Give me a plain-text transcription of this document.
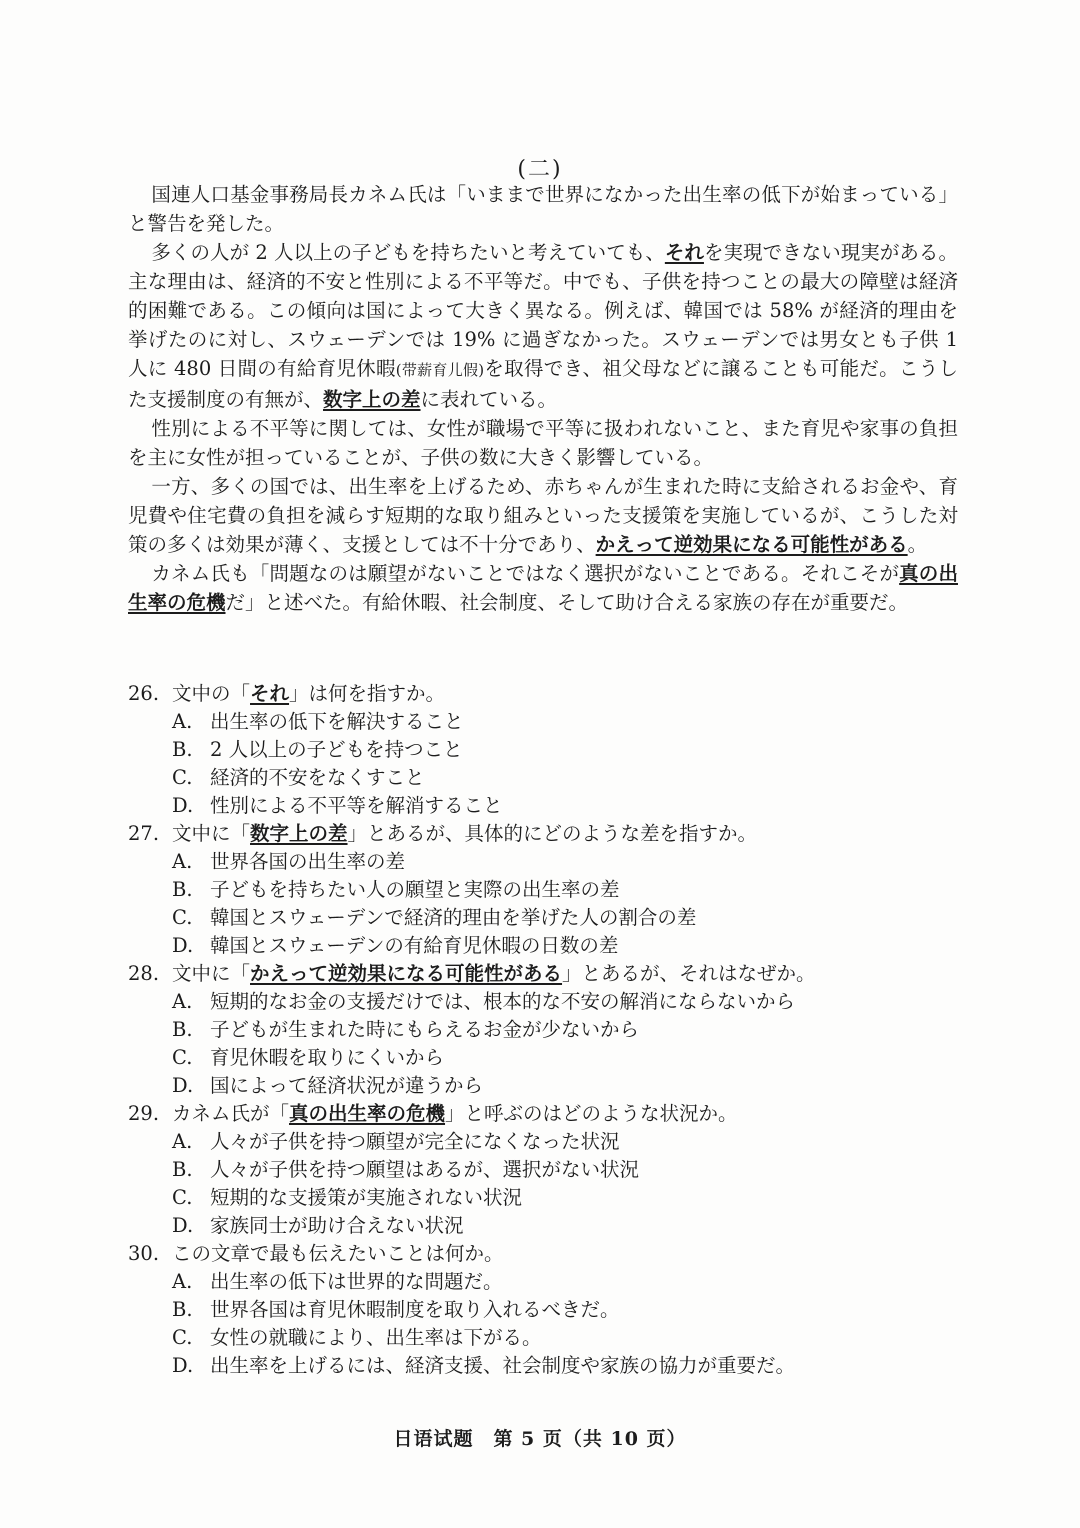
(二)

国連人口基金事務局長カネム氏は「いままで世界になかった出生率の低下が始まっている」と警告を発した。

多くの人が 2 人以上の子どもを持ちたいと考えていても、それを実現できない現実がある。主な理由は、経済的不安と性別による不平等だ。中でも、子供を持つことの最大の障壁は経済的困難である。この傾向は国によって大きく異なる。例えば、韓国では 58% が経済的理由を挙げたのに対し、スウェーデンでは 19% に過ぎなかった。スウェーデンでは男女とも子供 1 人に 480 日間の有給育児休暇(带薪育儿假)を取得でき、祖父母などに譲ることも可能だ。こうした支援制度の有無が、数字上の差に表れている。

性別による不平等に関しては、女性が職場で平等に扱われないこと、また育児や家事の負担を主に女性が担っていることが、子供の数に大きく影響している。

一方、多くの国では、出生率を上げるため、赤ちゃんが生まれた時に支給されるお金や、育児費や住宅費の負担を減らす短期的な取り組みといった支援策を実施しているが、こうした対策の多くは効果が薄く、支援としては不十分であり、かえって逆効果になる可能性がある。

カネム氏も「問題なのは願望がないことではなく選択がないことである。それこそが真の出生率の危機だ」と述べた。有給休暇、社会制度、そして助け合える家族の存在が重要だ。

26. 文中の「それ」は何を指すか。
A. 出生率の低下を解決すること
B. 2 人以上の子どもを持つこと
C. 経済的不安をなくすこと
D. 性別による不平等を解消すること
27. 文中に「数字上の差」とあるが、具体的にどのような差を指すか。
A. 世界各国の出生率の差
B. 子どもを持ちたい人の願望と実際の出生率の差
C. 韓国とスウェーデンで経済的理由を挙げた人の割合の差
D. 韓国とスウェーデンの有給育児休暇の日数の差
28. 文中に「かえって逆効果になる可能性がある」とあるが、それはなぜか。
A. 短期的なお金の支援だけでは、根本的な不安の解消にならないから
B. 子どもが生まれた時にもらえるお金が少ないから
C. 育児休暇を取りにくいから
D. 国によって経済状況が違うから
29. カネム氏が「真の出生率の危機」と呼ぶのはどのような状況か。
A. 人々が子供を持つ願望が完全になくなった状況
B. 人々が子供を持つ願望はあるが、選択がない状況
C. 短期的な支援策が実施されない状況
D. 家族同士が助け合えない状況
30. この文章で最も伝えたいことは何か。
A. 出生率の低下は世界的な問題だ。
B. 世界各国は育児休暇制度を取り入れるべきだ。
C. 女性の就職により、出生率は下がる。
D. 出生率を上げるには、経済支援、社会制度や家族の協力が重要だ。
日语试题　第 5 页（共 10 页）
